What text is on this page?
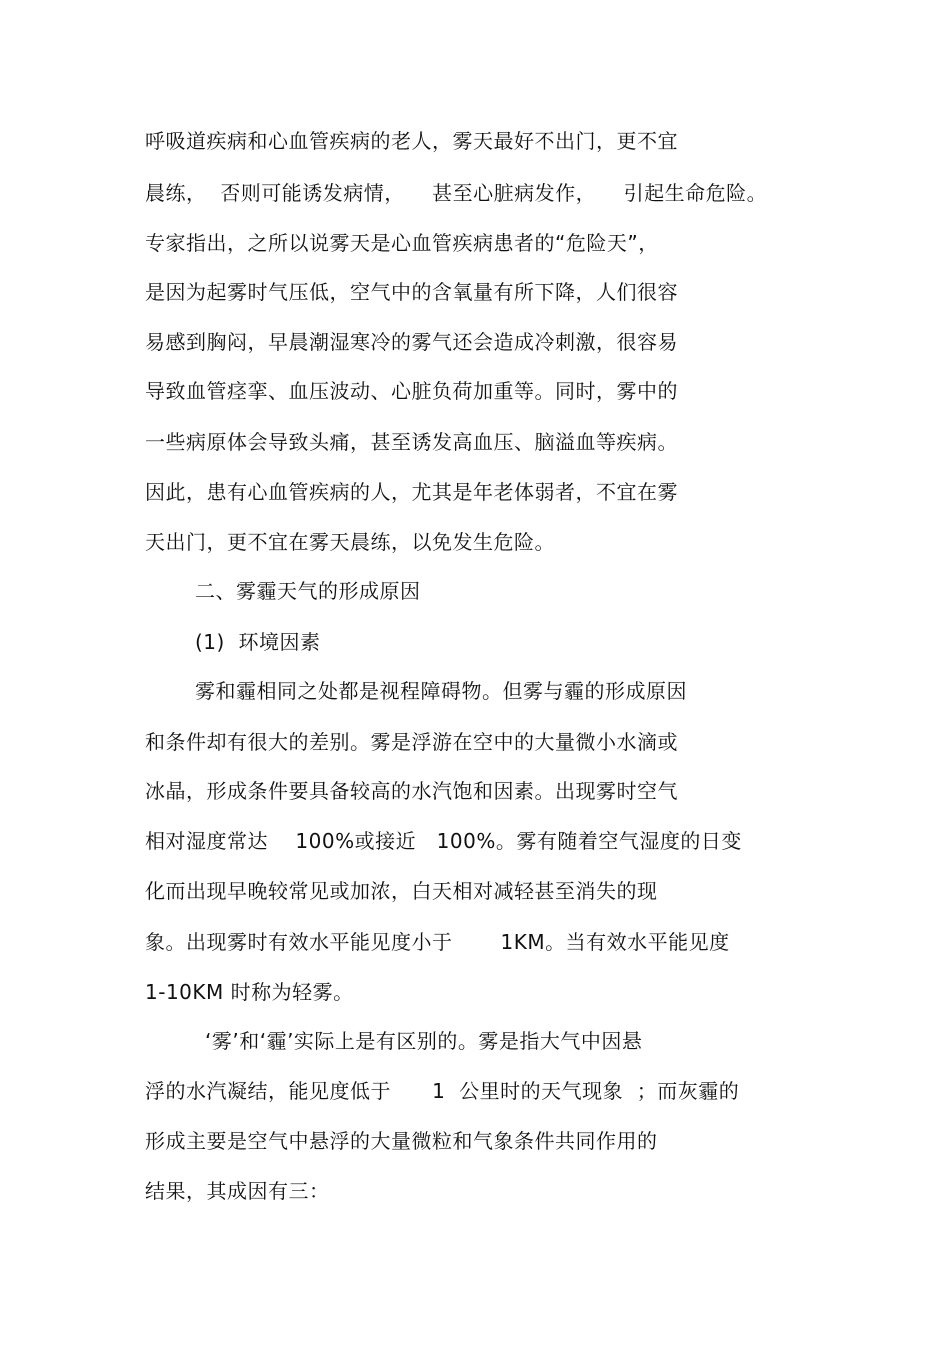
呼吸道疾病和心血管疾病的老人，雾天最好不出门，更不宜
晨练，  否则可能诱发病情，    甚至心脏病发作，    引起生命危险。
专家指出，之所以说雾天是心血管疾病患者的“危险天”，
是因为起雾时气压低，空气中的含氧量有所下降，人们很容
易感到胸闷，早晨潮湿寒冷的雾气还会造成冷刺激，很容易
导致血管痉挛、血压波动、心脏负荷加重等。同时，雾中的
一些病原体会导致头痛，甚至诱发高血压、脑溢血等疾病。
因此，患有心血管疾病的人，尤其是年老体弱者，不宜在雾
天出门，更不宜在雾天晨练，以免发生危险。
二、雾霾天气的形成原因
(1)  环境因素
雾和霾相同之处都是视程障碍物。但雾与霾的形成原因
和条件却有很大的差别。雾是浮游在空中的大量微小水滴或
冰晶，形成条件要具备较高的水汽饱和因素。出现雾时空气
相对湿度常达    100%或接近   100%。雾有随着空气湿度的日变
化而出现早晚较常见或加浓，白天相对减轻甚至消失的现
象。出现雾时有效水平能见度小于       1KM。当有效水平能见度
1-10KM 时称为轻雾。
‘雾’和‘霾’实际上是有区别的。雾是指大气中因悬
浮的水汽凝结，能见度低于      1  公里时的天气现象  ；而灰霾的
形成主要是空气中悬浮的大量微粒和气象条件共同作用的
结果，其成因有三：
